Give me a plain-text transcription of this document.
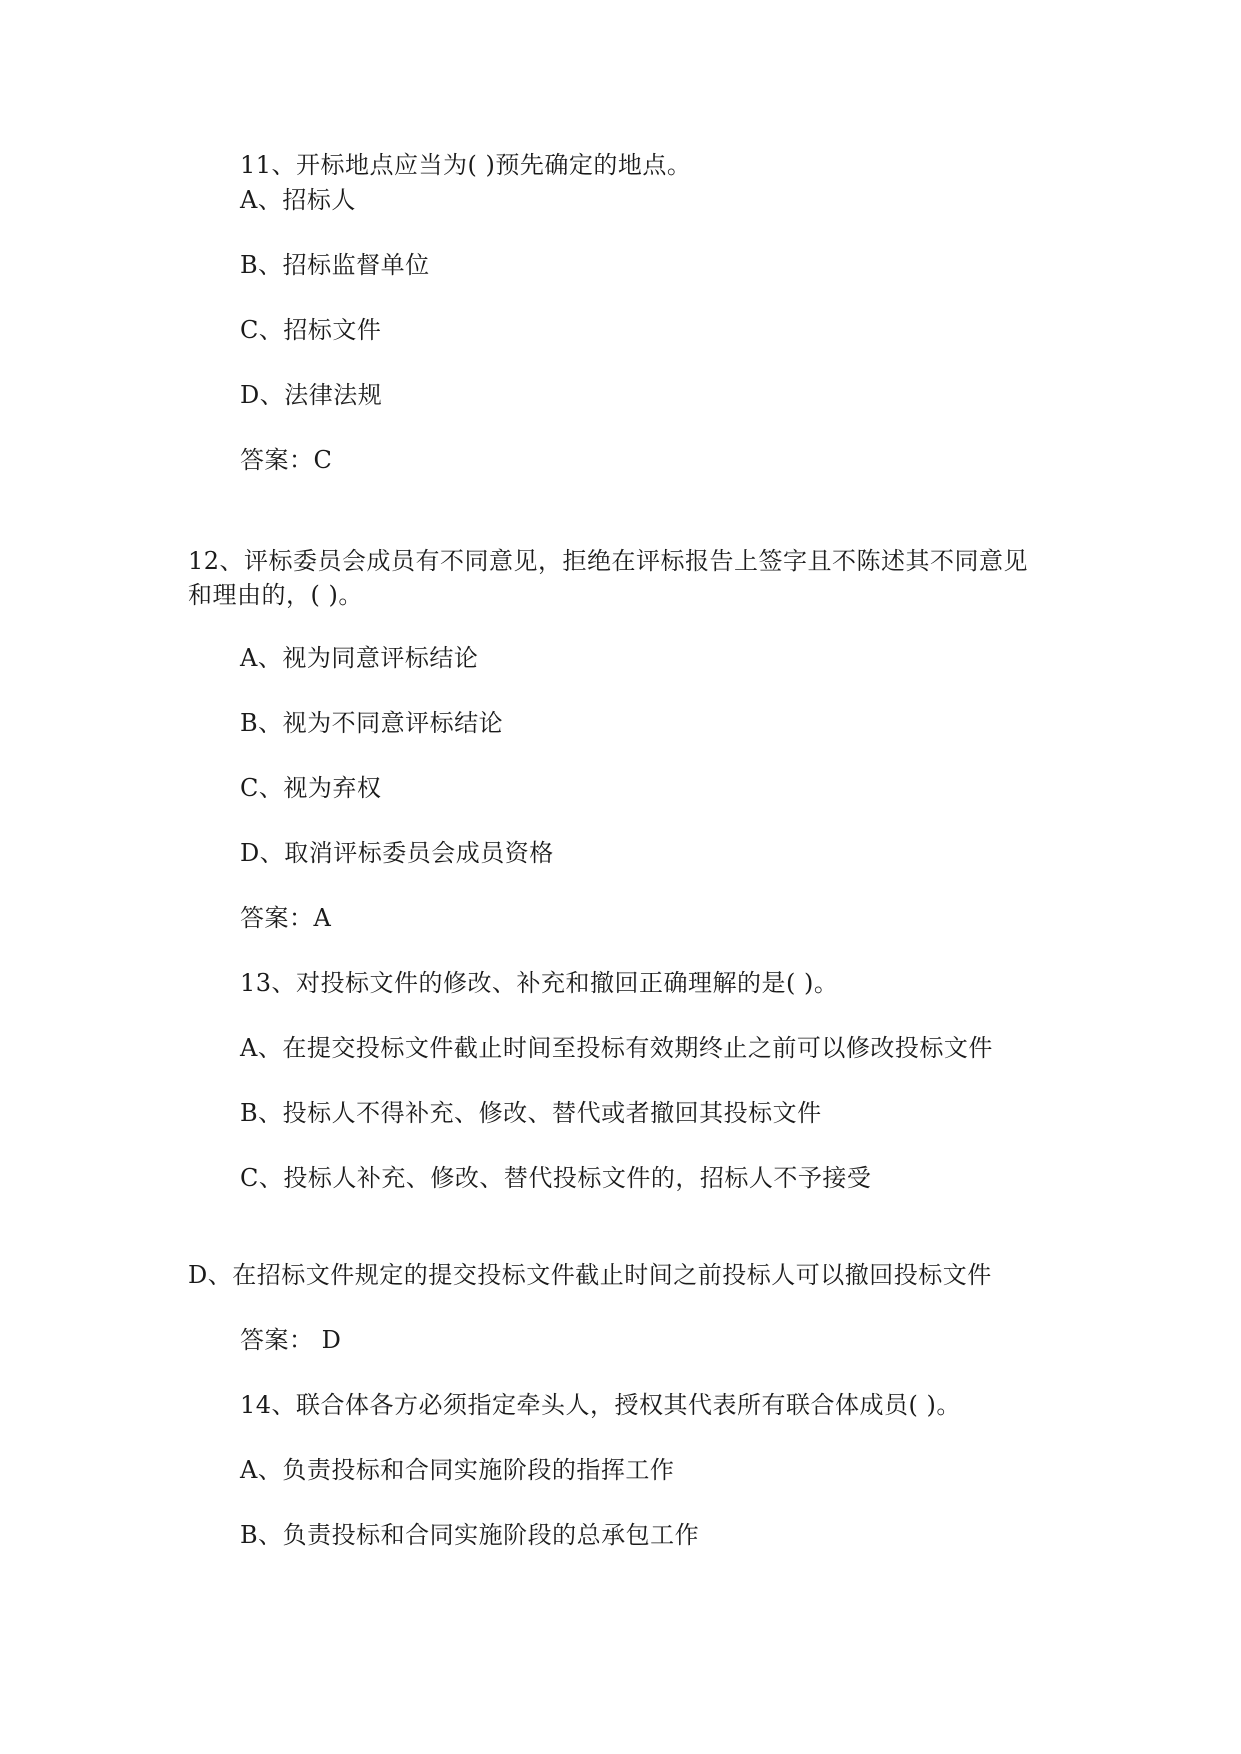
11、开标地点应当为( )预先确定的地点。
A、招标人
B、招标监督单位
C、招标文件
D、法律法规
答案：C
12、评标委员会成员有不同意见，拒绝在评标报告上签字且不陈述其不同意见
和理由的，( )。
A、视为同意评标结论
B、视为不同意评标结论
C、视为弃权
D、取消评标委员会成员资格
答案：A
13、对投标文件的修改、补充和撤回正确理解的是( )。
A、在提交投标文件截止时间至投标有效期终止之前可以修改投标文件
B、投标人不得补充、修改、替代或者撤回其投标文件
C、投标人补充、修改、替代投标文件的，招标人不予接受
D、在招标文件规定的提交投标文件截止时间之前投标人可以撤回投标文件
答案： D
14、联合体各方必须指定牵头人，授权其代表所有联合体成员( )。
A、负责投标和合同实施阶段的指挥工作
B、负责投标和合同实施阶段的总承包工作
